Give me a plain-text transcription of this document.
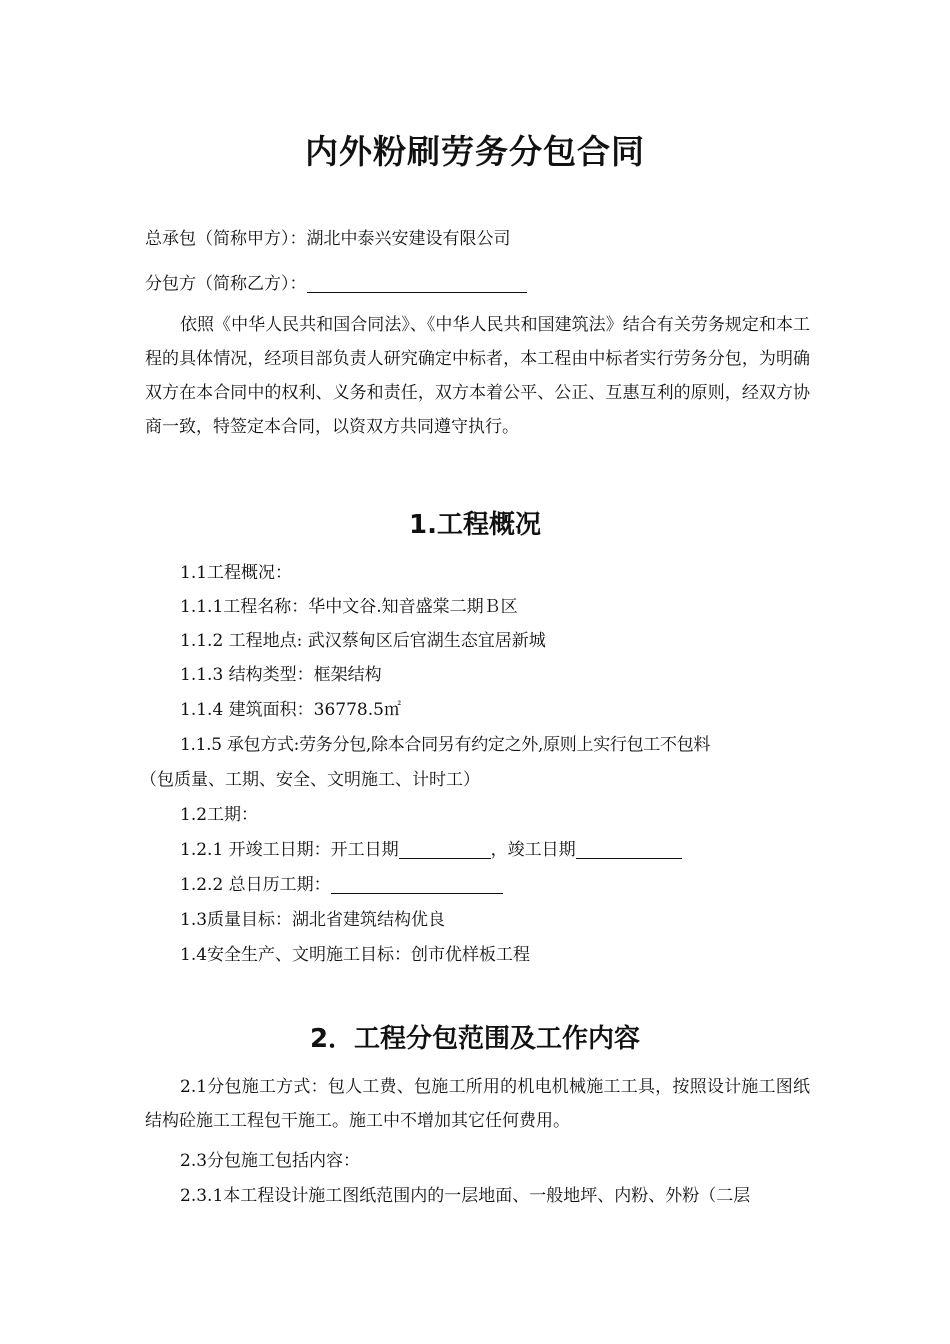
内外粉刷劳务分包合同
总承包（简称甲方）：湖北中泰兴安建设有限公司
分包方（简称乙方）：
依照《中华人民共和国合同法》、《中华人民共和国建筑法》结合有关劳务规定和本工程的具体情况，经项目部负责人研究确定中标者，本工程由中标者实行劳务分包，为明确双方在本合同中的权利、义务和责任，双方本着公平、公正、互惠互利的原则，经双方协商一致，特签定本合同，以资双方共同遵守执行。
1.工程概况
1.1工程概况：
1.1.1工程名称：华中文谷.知音盛棠二期Ｂ区
1.1.2 工程地点: 武汉蔡甸区后官湖生态宜居新城
1.1.3 结构类型：框架结构
1.1.4 建筑面积：36778.5㎡
1.1.5 承包方式:劳务分包,除本合同另有约定之外,原则上实行包工不包料
（包质量、工期、安全、文明施工、计时工）
1.2工期：
1.2.1 开竣工日期：开工日期	，竣工日期
1.2.2 总日历工期：
1.3质量目标：湖北省建筑结构优良
1.4安全生产、文明施工目标：创市优样板工程
2．工程分包范围及工作内容
2.1分包施工方式：包人工费、包施工所用的机电机械施工工具，按照设计施工图纸结构砼施工工程包干施工。施工中不增加其它任何费用。
2.3分包施工包括内容：
2.3.1本工程设计施工图纸范围内的一层地面、一般地坪、内粉、外粉（二层
